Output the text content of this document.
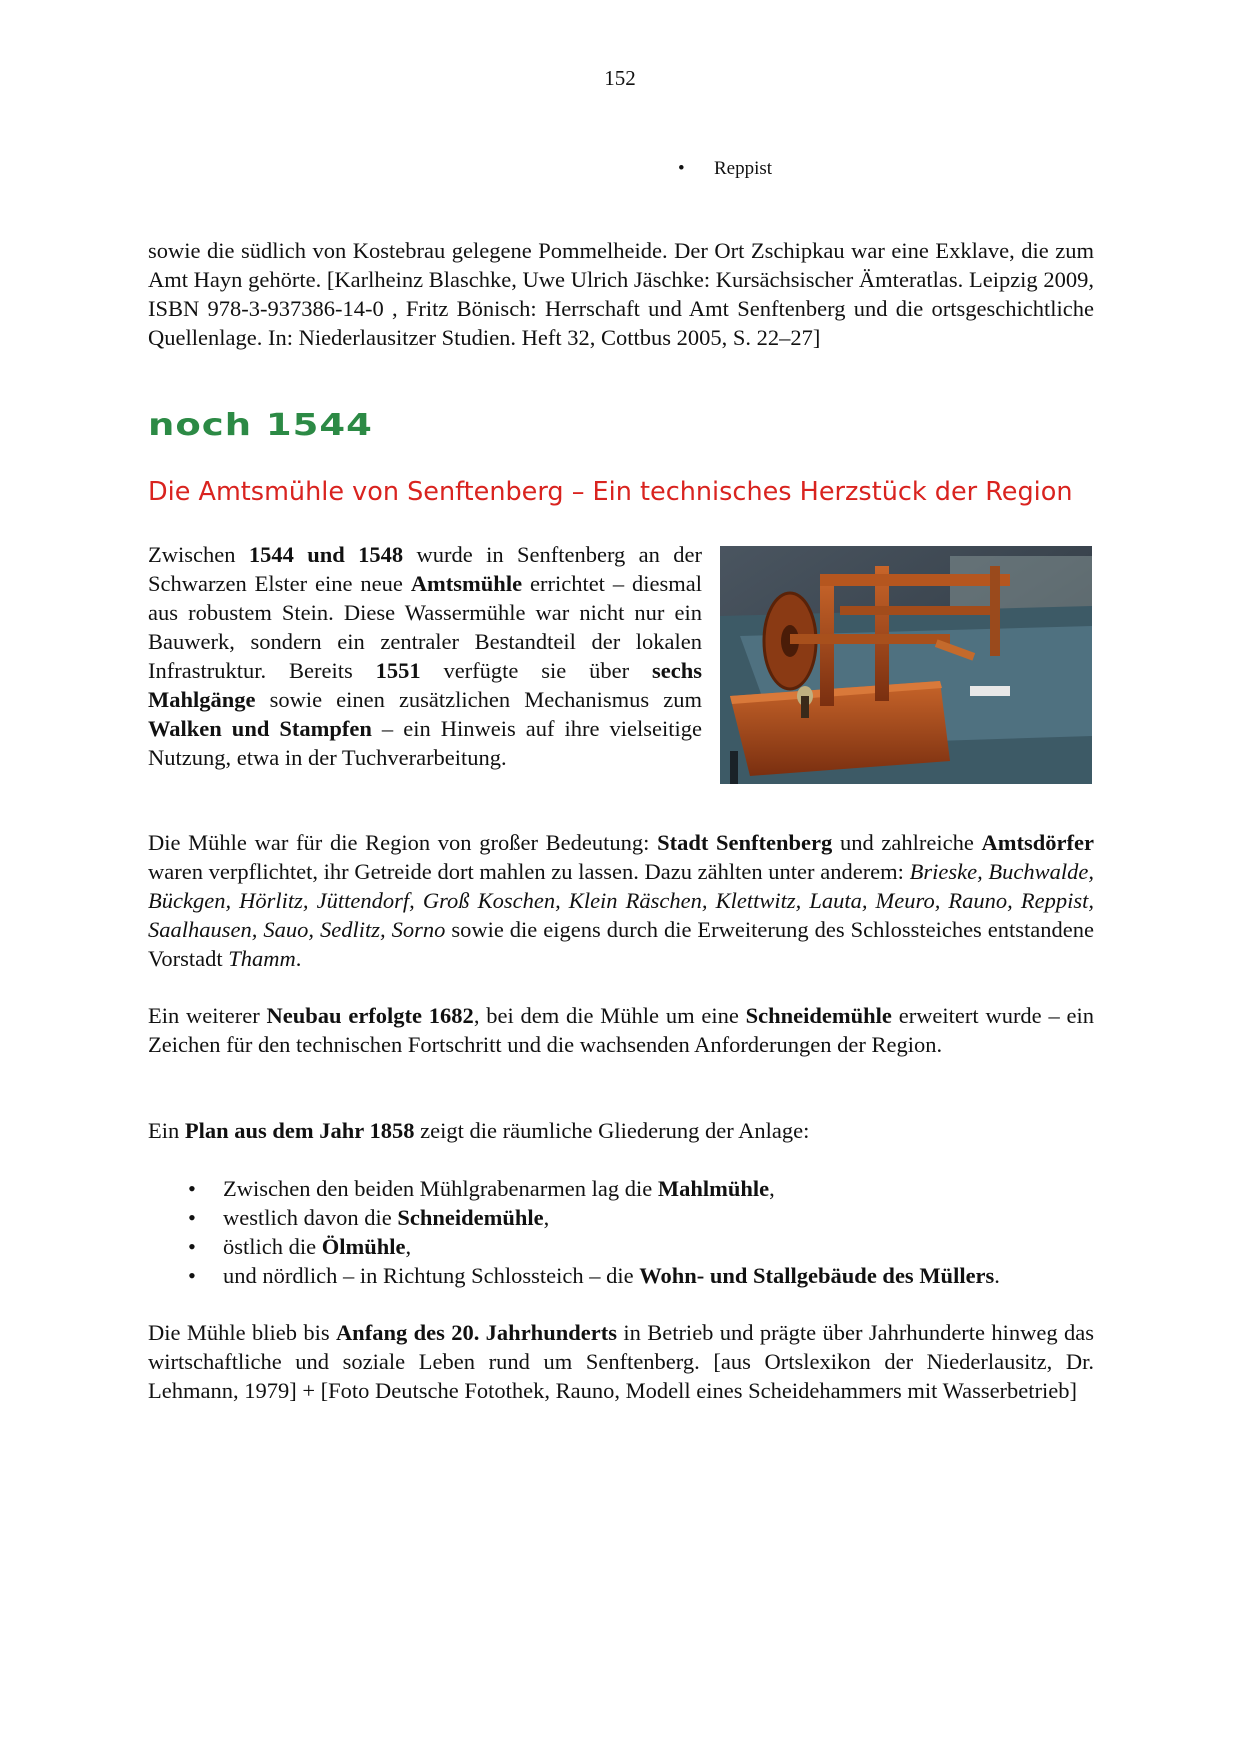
152
• Reppist

sowie die südlich von Kostebrau gelegene Pommelheide. Der Ort Zschipkau war eine Exklave, die zum Amt Hayn gehörte. [Karlheinz Blaschke, Uwe Ulrich Jäschke: Kursächsischer Ämteratlas. Leipzig 2009, ISBN 978-3-937386-14-0 , Fritz Bönisch: Herrschaft und Amt Senftenberg und die ortsgeschichtliche Quellenlage. In: Niederlausitzer Studien. Heft 32, Cottbus 2005, S. 22–27]

noch 1544
Die Amtsmühle von Senftenberg – Ein technisches Herzstück der Region

Zwischen 1544 und 1548 wurde in Senftenberg an der Schwarzen Elster eine neue Amtsmühle errichtet – diesmal aus robustem Stein. Diese Wassermühle war nicht nur ein Bauwerk, sondern ein zentraler Bestandteil der lokalen Infrastruktur. Bereits 1551 verfügte sie über sechs Mahlgänge sowie einen zusätzlichen Mechanismus zum Walken und Stampfen – ein Hinweis auf ihre vielseitige Nutzung, etwa in der Tuchverarbeitung.

Die Mühle war für die Region von großer Bedeutung: Stadt Senftenberg und zahlreiche Amtsdörfer waren verpflichtet, ihr Getreide dort mahlen zu lassen. Dazu zählten unter anderem: Brieske, Buchwalde, Bückgen, Hörlitz, Jüttendorf, Groß Koschen, Klein Räschen, Klettwitz, Lauta, Meuro, Rauno, Reppist, Saalhausen, Sauo, Sedlitz, Sorno sowie die eigens durch die Erweiterung des Schlossteiches entstandene Vorstadt Thamm.

Ein weiterer Neubau erfolgte 1682, bei dem die Mühle um eine Schneidemühle erweitert wurde – ein Zeichen für den technischen Fortschritt und die wachsenden Anforderungen der Region.

Ein Plan aus dem Jahr 1858 zeigt die räumliche Gliederung der Anlage:

• Zwischen den beiden Mühlgrabenarmen lag die Mahlmühle,
• westlich davon die Schneidemühle,
• östlich die Ölmühle,
• und nördlich – in Richtung Schlossteich – die Wohn- und Stallgebäude des Müllers.

Die Mühle blieb bis Anfang des 20. Jahrhunderts in Betrieb und prägte über Jahrhunderte hinweg das wirtschaftliche und soziale Leben rund um Senftenberg. [aus Ortslexikon der Niederlausitz, Dr. Lehmann, 1979] + [Foto Deutsche Fotothek, Rauno, Modell eines Scheidehammers mit Wasserbetrieb]
